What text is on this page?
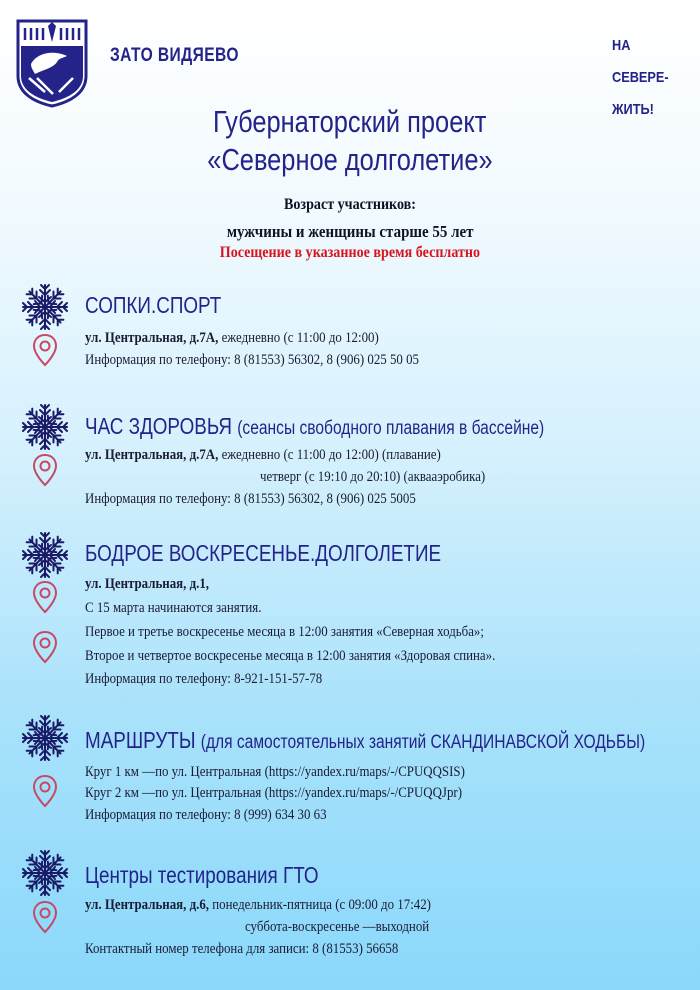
ЗАТО ВИДЯЕВО	НА
СЕВЕРЕ-
ЖИТЬ!
Губернаторский проект
«Северное долголетие»
Возраст участников:
мужчины и женщины старше 55 лет
Посещение в указанное время бесплатно
СОПКИ.СПОРТ
ул. Центральная, д.7А, ежедневно (с 11:00 до 12:00)
Информация по телефону: 8 (81553) 56302, 8 (906) 025 50 05
ЧАС ЗДОРОВЬЯ (сеансы свободного плавания в бассейне)
ул. Центральная, д.7А, ежедневно (с 11:00 до 12:00) (плавание)
четверг (с 19:10 до 20:10) (аквааэробика)
Информация по телефону: 8 (81553) 56302, 8 (906) 025 5005
БОДРОЕ ВОСКРЕСЕНЬЕ.ДОЛГОЛЕТИЕ
ул. Центральная, д.1,
С 15 марта начинаются занятия.
Первое и третье воскресенье месяца в 12:00 занятия «Северная ходьба»;
Второе и четвертое воскресенье месяца в 12:00 занятия «Здоровая спина».
Информация по телефону: 8-921-151-57-78
МАРШРУТЫ (для самостоятельных занятий СКАНДИНАВСКОЙ ХОДЬБЫ)
Круг 1 км —по ул. Центральная (https://yandex.ru/maps/-/CPUQQSIS)
Круг 2 км —по ул. Центральная (https://yandex.ru/maps/-/CPUQQJpr)
Информация по телефону: 8 (999) 634 30 63
Центры тестирования ГТО
ул. Центральная, д.6, понедельник-пятница (с 09:00 до 17:42)
суббота-воскресенье —выходной
Контактный номер телефона для записи: 8 (81553) 56658
